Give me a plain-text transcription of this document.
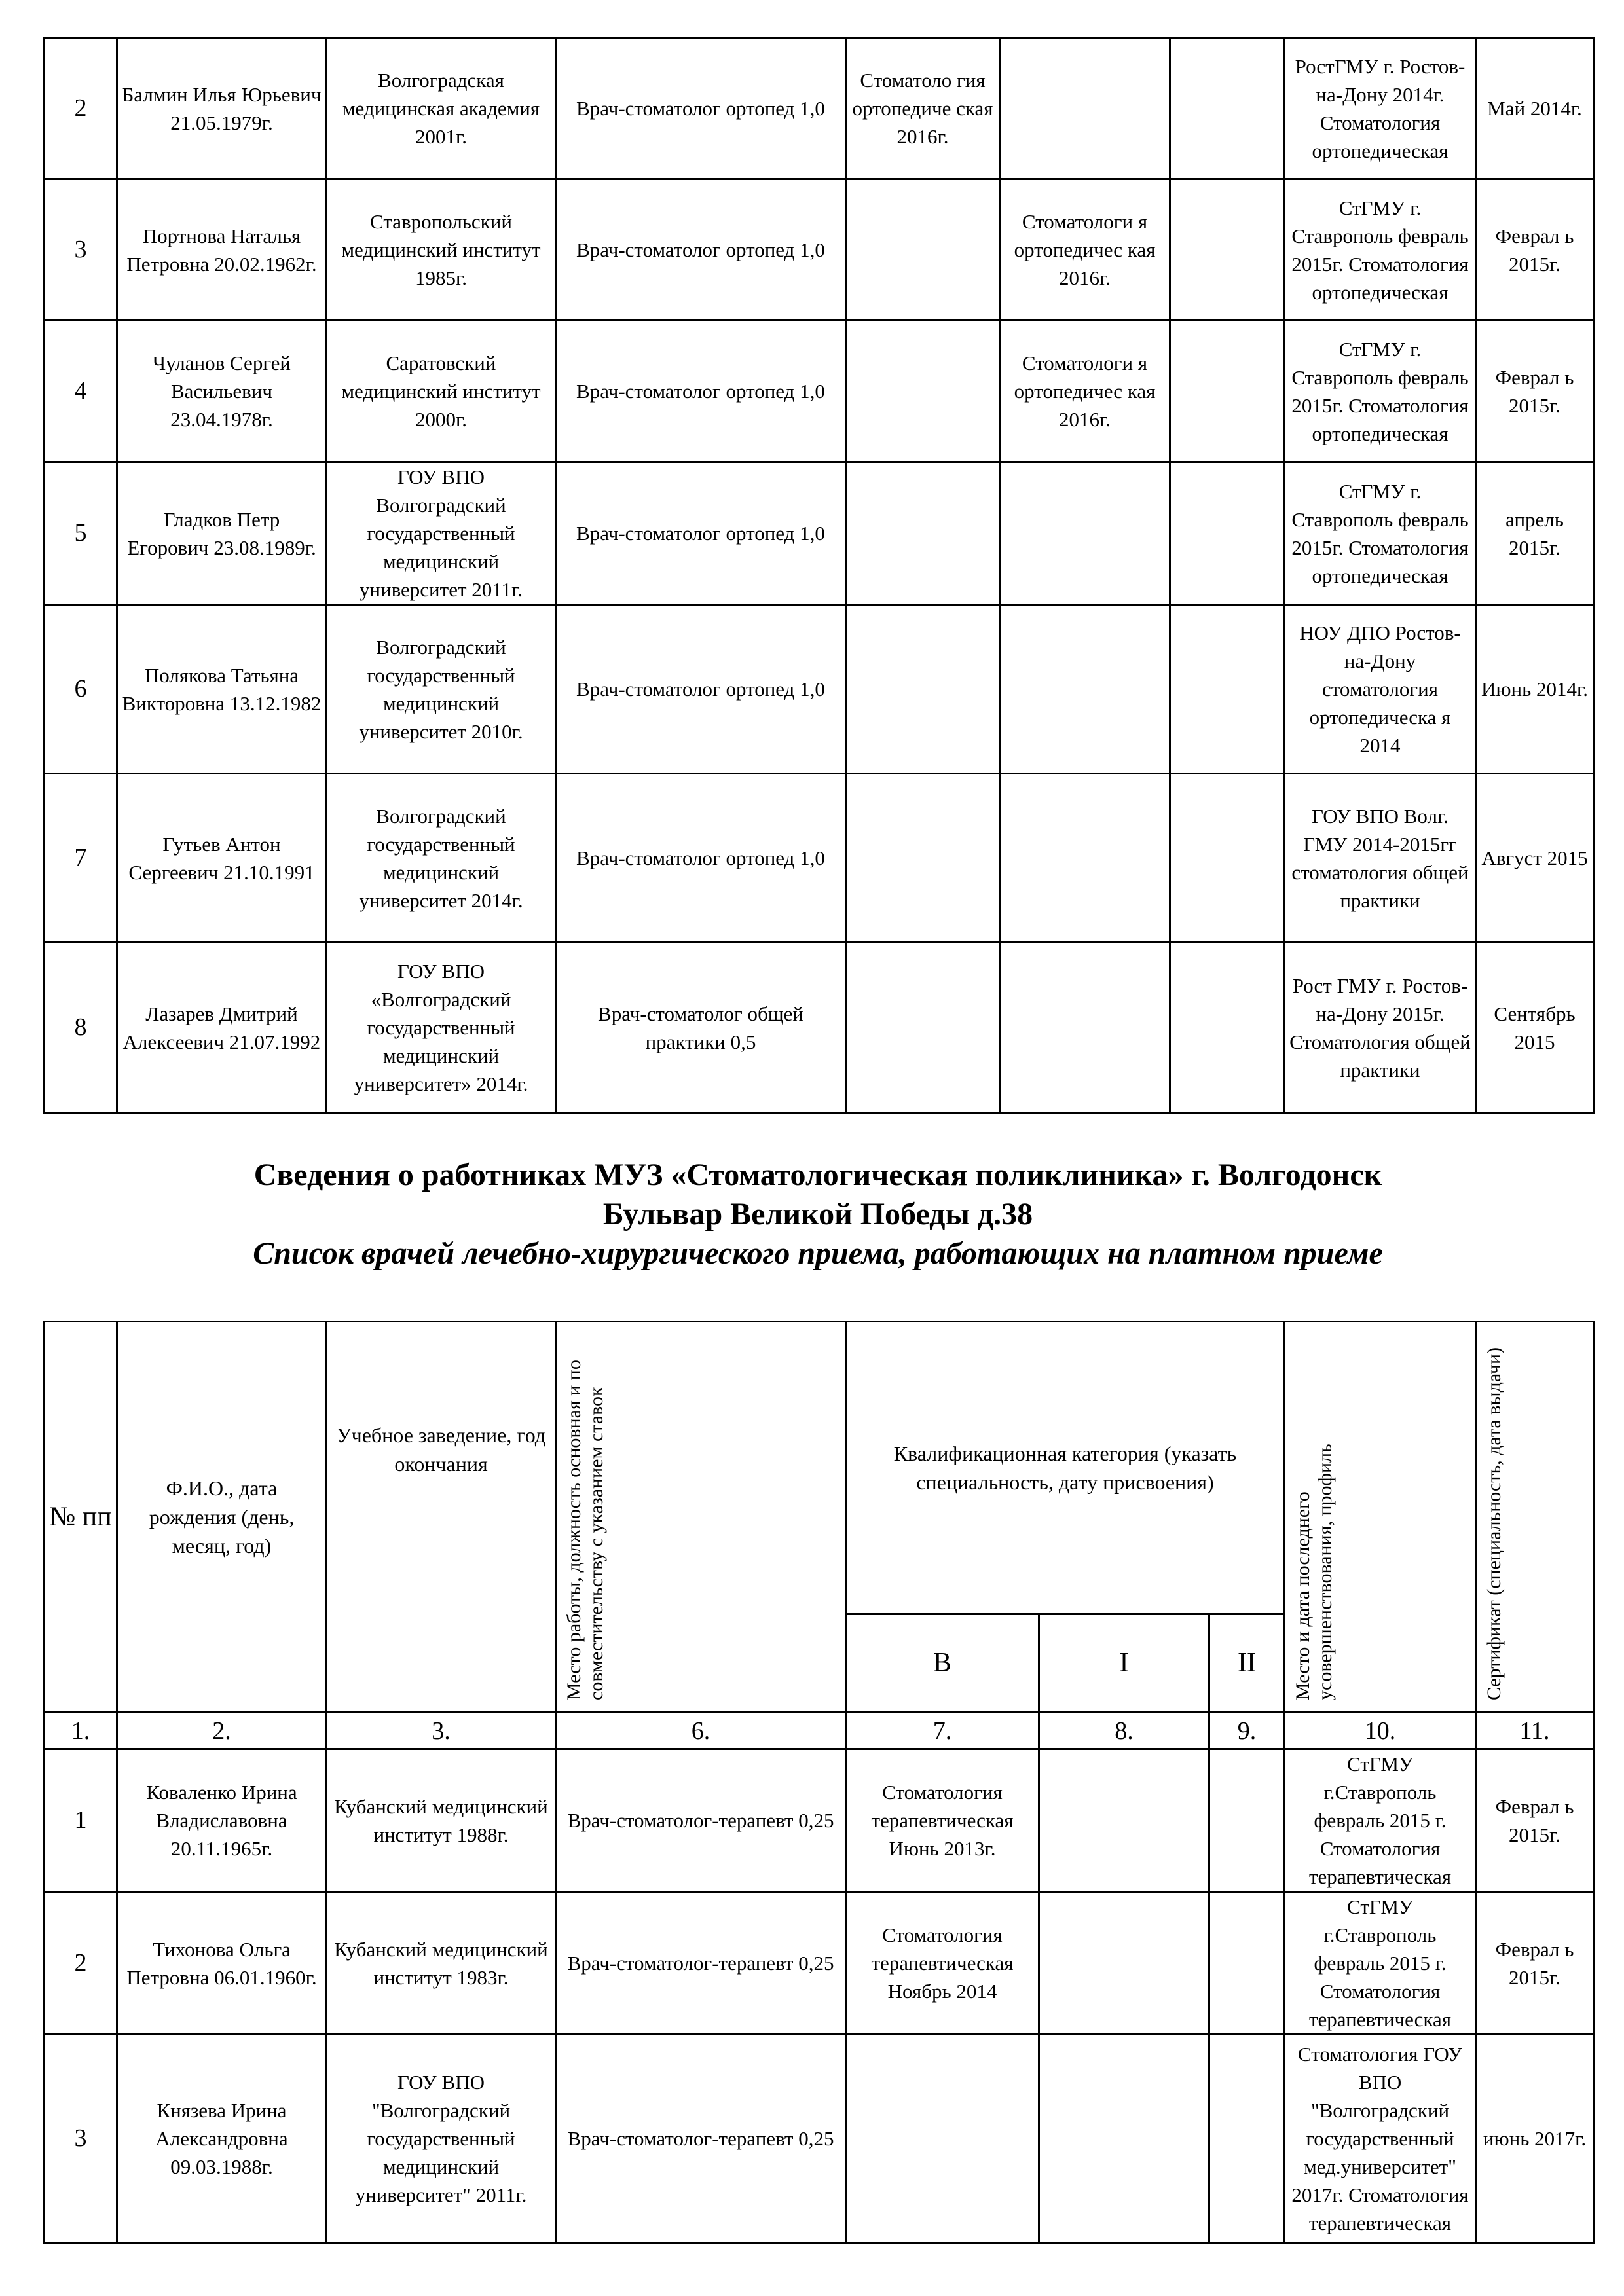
2	Балмин Илья Юрьевич 21.05.1979г.	Волгоградская медицинская академия 2001г.	Врач-стоматолог ортопед 1,0	Стоматоло гия ортопедиче ская 2016г.			РостГМУ г. Ростов-на-Дону 2014г. Стоматология ортопедическая	Май 2014г.
3	Портнова Наталья Петровна 20.02.1962г.	Ставропольский медицинский институт 1985г.	Врач-стоматолог ортопед 1,0		Стоматологи я ортопедичес кая 2016г.		СтГМУ г. Ставрополь февраль 2015г. Стоматология ортопедическая	Феврал ь 2015г.
4	Чуланов Сергей Васильевич 23.04.1978г.	Саратовский медицинский институт 2000г.	Врач-стоматолог ортопед 1,0		Стоматологи я ортопедичес кая 2016г.		СтГМУ г. Ставрополь февраль 2015г. Стоматология ортопедическая	Феврал ь 2015г.
5	Гладков Петр Егорович 23.08.1989г.	ГОУ ВПО Волгоградский государственный медицинский университет 2011г.	Врач-стоматолог ортопед 1,0				СтГМУ г. Ставрополь февраль 2015г. Стоматология ортопедическая	апрель 2015г.
6	Полякова Татьяна Викторовна 13.12.1982	Волгоградский государственный медицинский университет 2010г.	Врач-стоматолог ортопед 1,0				НОУ ДПО Ростов-на-Дону стоматология ортопедическа я 2014	Июнь 2014г.
7	Гутьев Антон Сергеевич 21.10.1991	Волгоградский государственный медицинский университет 2014г.	Врач-стоматолог ортопед 1,0				ГОУ ВПО Волг. ГМУ 2014-2015гг стоматология общей практики	Август 2015
8	Лазарев Дмитрий Алексеевич 21.07.1992	ГОУ ВПО «Волгоградский государственный медицинский университет» 2014г.	Врач-стоматолог общей практики 0,5				Рост ГМУ г. Ростов-на-Дону 2015г. Стоматология общей практики	Сентябрь 2015

Сведения о работниках МУЗ «Стоматологическая поликлиника» г. Волгодонск

Бульвар Великой Победы д.38

Список врачей лечебно-хирургического приема, работающих на платном приеме

№ пп	Ф.И.О., дата рождения (день, месяц, год)	Учебное заведение, год окончания	Место работы, должность основная и по совместительству с указанием ставок	Квалификационная категория (указать специальность, дату присвоения)			Место и дата последнего усовершенствования, профиль	Сертификат (специальность, дата выдачи)
				В	I	II		
1.	2.	3.	6.	7.	8.	9.	10.	11.
1	Коваленко Ирина Владиславовна 20.11.1965г.	Кубанский медицинский институт 1988г.	Врач-стоматолог-терапевт 0,25	Стоматология терапевтическая Июнь 2013г.			СтГМУ г.Ставрополь февраль 2015 г. Стоматология терапевтическая	Феврал ь 2015г.
2	Тихонова Ольга Петровна 06.01.1960г.	Кубанский медицинский институт 1983г.	Врач-стоматолог-терапевт 0,25	Стоматология терапевтическая Ноябрь 2014			СтГМУ г.Ставрополь февраль 2015 г. Стоматология терапевтическая	Феврал ь 2015г.
3	Князева Ирина Александровна 09.03.1988г.	ГОУ ВПО "Волгоградский государственный медицинский университет" 2011г.	Врач-стоматолог-терапевт 0,25				Стоматология ГОУ ВПО "Волгоградский государственный мед.университет" 2017г. Стоматология терапевтическая	июнь 2017г.
